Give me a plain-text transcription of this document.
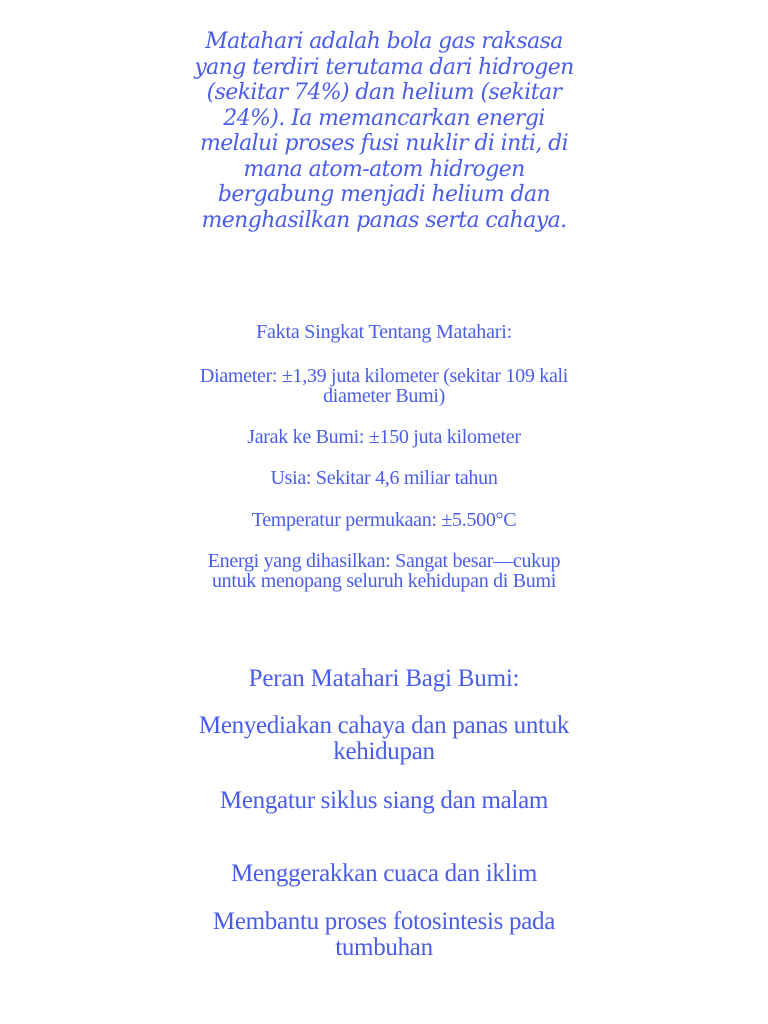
Matahari adalah bola gas raksasa yang terdiri terutama dari hidrogen (sekitar 74%) dan helium (sekitar 24%). Ia memancarkan energi melalui proses fusi nuklir di inti, di mana atom-atom hidrogen bergabung menjadi helium dan menghasilkan panas serta cahaya.

Fakta Singkat Tentang Matahari:

Diameter: ±1,39 juta kilometer (sekitar 109 kali diameter Bumi)

Jarak ke Bumi: ±150 juta kilometer

Usia: Sekitar 4,6 miliar tahun

Temperatur permukaan: ±5.500°C

Energi yang dihasilkan: Sangat besar—cukup untuk menopang seluruh kehidupan di Bumi

Peran Matahari Bagi Bumi:

Menyediakan cahaya dan panas untuk kehidupan

Mengatur siklus siang dan malam

Menggerakkan cuaca dan iklim

Membantu proses fotosintesis pada tumbuhan
